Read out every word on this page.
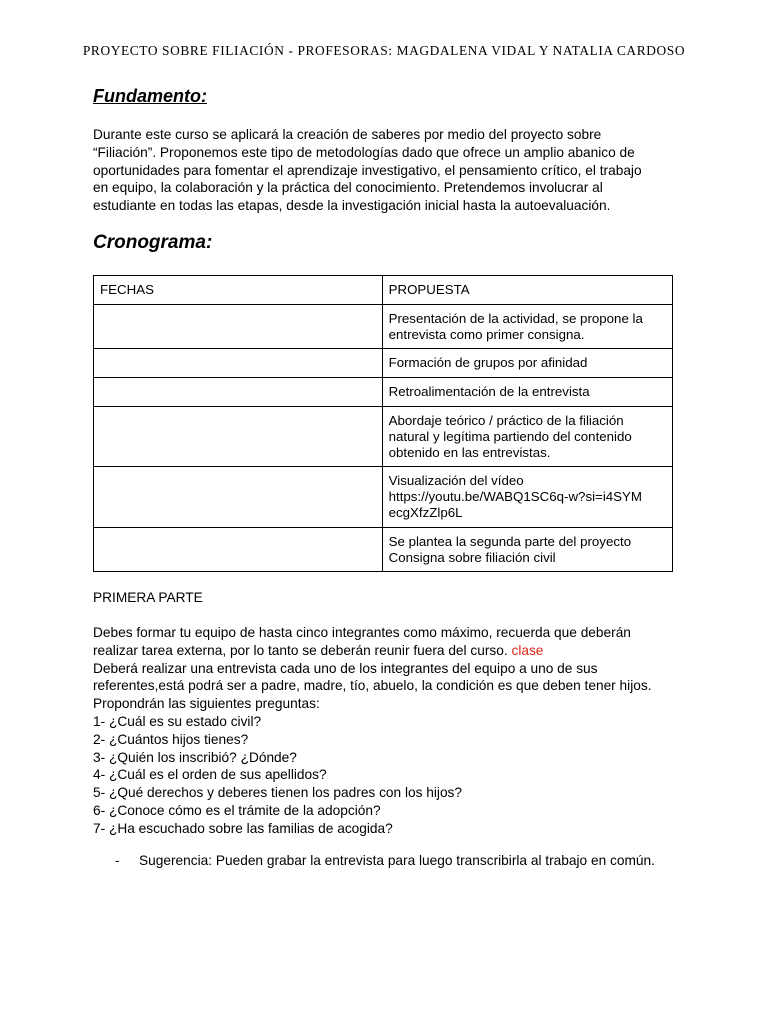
PROYECTO SOBRE FILIACIÓN - PROFESORAS: MAGDALENA VIDAL Y NATALIA CARDOSO
Fundamento:

Durante este curso se aplicará la creación de saberes por medio del proyecto sobre
“Filiación”. Proponemos este tipo de metodologías dado que ofrece un amplio abanico de
oportunidades para fomentar el aprendizaje investigativo, el pensamiento crítico, el trabajo
en equipo, la colaboración y la práctica del conocimiento. Pretendemos involucrar al
estudiante en todas las etapas, desde la investigación inicial hasta la autoevaluación.

Cronograma:
FECHAS	PROPUESTA
	Presentación de la actividad, se propone la
entrevista como primer consigna.
	Formación de grupos por afinidad
	Retroalimentación de la entrevista
	Abordaje teórico / práctico de la filiación
natural y legítima partiendo del contenido
obtenido en las entrevistas.
	Visualización del vídeo
https://youtu.be/WABQ1SC6q-w?si=i4SYM
ecgXfzZlp6L
	Se plantea la segunda parte del proyecto
Consigna sobre filiación civil

PRIMERA PARTE

Debes formar tu equipo de hasta cinco integrantes como máximo, recuerda que deberán
realizar tarea externa, por lo tanto se deberán reunir fuera del curso. clase

Deberá realizar una entrevista cada uno de los integrantes del equipo a uno de sus
referentes,está podrá ser a padre, madre, tío, abuelo, la condición es que deben tener hijos.
Propondrán las siguientes preguntas:

1- ¿Cuál es su estado civil?
2- ¿Cuántos hijos tienes?
3- ¿Quién los inscribió? ¿Dónde?
4- ¿Cuál es el orden de sus apellidos?
5- ¿Qué derechos y deberes tienen los padres con los hijos?
6- ¿Conoce cómo es el trámite de la adopción?
7- ¿Ha escuchado sobre las familias de acogida?

- Sugerencia: Pueden grabar la entrevista para luego transcribirla al trabajo en común.
